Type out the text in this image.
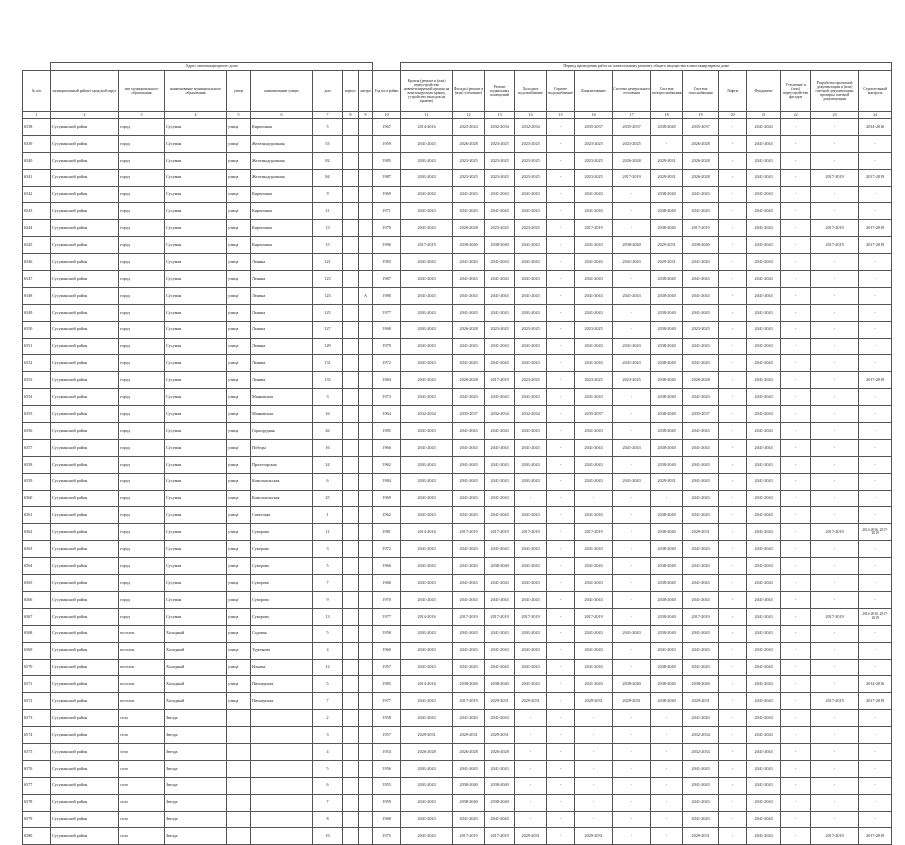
	Адрес многоквартирного дома									Период проведения работ по капитальному ремонту общего имущества в многоквартирном доме													
№ п/п	муниципальный район/городской округ	тип муниципального образования	наименование муниципального образования	улица	наименование улицы	дом	корпус	литера	Год постройки	Кровля (ремонт и (или) переустройство невентилируемой крыши на вентилируемую крышу, устройство выходов на кровлю)	Фасады (ремонт и (или) утепление)	Ремонт подвальных помещений	Холодное водоснабжение	Горячее водоснабжение	Канализование	Система центрального отопления	Система электроснабжения	Система газоснабжения	Лифты	Фундамент	Утепление и (или) переустройство фасадов	Разработка проектной документации и (или) сметной документации, проверка сметной документации	Строительный контроль
1	2	3	4	5	6	7	8	9	10	11	12	13	14	15	16	17	18	19	20	21	22	23	24
6538	Сусуманский район	город	Сусуман	улица	Кирпичная	5			1967	2014-2016	2023-2024	2032-2034	2032-2034	-	2035-2037	2035-2037	2038-2040	2035-2037	-	2041-2043	-	-	2014-2016
6539	Сусуманский район	город	Сусуман	улица	Железнодорожная	53			1959	2041-2043	2026-2028	2023-2025	2023-2025	-	2023-2025	2023-2025	-	2026-2028	-	2041-2043	-	-	-
6540	Сусуманский район	город	Сусуман	улица	Железнодорожная	82			1985	2041-2043	2023-2025	2023-2025	2023-2025	-	2023-2025	2026-2028	2029-2031	2026-2028	-	2041-2043	-	-	-
6541	Сусуманский район	город	Сусуман	улица	Железнодорожная	84			1987	2041-2043	2023-2025	2023-2025	2023-2025	-	2023-2025	2017-2019	2029-2031	2026-2028	-	2041-2043	-	2017-2019	2017-2019
6542	Сусуманский район	город	Сусуман	улица	Кирпичная	9			1969	2041-2042	2041-2043	2041-2043	2041-2043	-	2041-2043	-	2038-2040	2041-2043	-	2041-2043	-	-	-
6543	Сусуманский район	город	Сусуман	улица	Кирпичная	11			1971	2041-2043	2041-2043	2041-2043	2041-2043	-	2041-2043	-	2038-2040	2041-2043	-	2041-2043	-	-	-
6544	Сусуманский район	город	Сусуман	улица	Кирпичная	13			1970	2041-2043	2026-2028	2023-2025	2023-2025	-	2017-2019	-	2038-2040	2017-2019	-	2041-2043	-	2017-2019	2017-2019
6545	Сусуманский район	город	Сусуман	улица	Кирпичная	15			1996	2017-2019	2038-2040	2038-2040	2041-2043	-	2041-2043	2038-2040	2029-2031	2038-2040	-	2041-2043	-	2017-2019	2017-2019
6546	Сусуманский район	город	Сусуман	улица	Ленина	121			1983	2041-2043	2041-2043	2041-2043	2041-2043	-	2041-2043	2041-2043	2029-2031	2041-2043	-	2041-2043	-	-	-
6547	Сусуманский район	город	Сусуман	улица	Ленина	123			1987	2041-2043	2041-2043	2041-2043	2041-2043	-	2041-2043	-	2038-2040	2041-2043	-	2041-2043	-	-	-
6548	Сусуманский район	город	Сусуман	улица	Ленина	123		А	1980	2041-2043	2041-2043	2041-2043	2041-2043	-	2041-2043	2041-2043	2038-2040	2041-2043	-	2041-2043	-	-	-
6549	Сусуманский район	город	Сусуман	улица	Ленина	125			1977	2041-2043	2041-2043	2041-2043	2041-2043	-	2041-2043	-	2038-2040	2041-2043	-	2041-2043	-	-	-
6550	Сусуманский район	город	Сусуман	улица	Ленина	127			1968	2041-2043	2026-2028	2023-2025	2023-2025	-	2023-2025	-	2038-2040	2023-2025	-	2041-2043	-	-	-
6551	Сусуманский район	город	Сусуман	улица	Ленина	129			1979	2041-2043	2041-2043	2041-2043	2041-2043	-	2041-2043	2041-2043	2038-2040	2041-2043	-	2041-2043	-	-	-
6552	Сусуманский район	город	Сусуман	улица	Ленина	131			1972	2041-2043	2041-2043	2041-2043	2041-2043	-	2041-2043	2041-2043	2038-2040	2041-2043	-	2041-2043	-	-	-
6553	Сусуманский район	город	Сусуман	улица	Ленина	133			1984	2041-2043	2026-2028	2017-2019	2023-2025	-	2023-2025	2023-2025	2038-2040	2026-2028	-	2041-2043	-	-	2017-2019
6554	Сусуманский район	город	Сусуман	улица	Маяковская	3			1973	2041-2043	2041-2043	2041-2043	2041-2043	-	2041-2043	-	2038-2040	2041-2043	-	2041-2043	-	-	-
6555	Сусуманский район	город	Сусуман	улица	Маяковская	16			1964	2032-2034	2035-2037	2032-2034	2032-2034	-	2035-2037	-	2038-2040	2035-2037	-	2041-2043	-	-	-
6556	Сусуманский район	город	Сусуман	улица	Горнорудная	26			1985	2041-2043	2041-2043	2041-2043	2041-2043	-	2041-2043	-	2038-2040	2041-2043	-	2041-2043	-	-	-
6557	Сусуманский район	город	Сусуман	улица	Победы	16			1966	2041-2043	2041-2043	2041-2043	2041-2043	-	2041-2043	2041-2043	2038-2040	2041-2043	-	2041-2043	-	-	-
6558	Сусуманский район	город	Сусуман	улица	Пролетарская	24			1962	2041-2043	2041-2043	2041-2043	2041-2043	-	2041-2043	-	2038-2040	2041-2043	-	2041-2043	-	-	-
6559	Сусуманский район	город	Сусуман	улица	Комсомольская	6			1984	2041-2043	2041-2043	2041-2043	2041-2043	-	2041-2043	2041-2043	2029-2031	2041-2043	-	2041-2043	-	-	-
6560	Сусуманский район	город	Сусуман	улица	Комсомольская	25			1969	2041-2043	2041-2043	2041-2043	-	-	-	-	-	2041-2043	-	2041-2043	-	-	-
6561	Сусуманский район	город	Сусуман	улица	Советская	1			1962	2041-2043	2041-2043	2041-2043	2041-2043	-	2041-2043	-	2038-2040	2041-2043	-	2041-2043	-	-	-
6562	Сусуманский район	город	Сусуман	улица	Суворова	11			1981	2014-2016	2017-2019	2017-2019	2017-2019	-	2017-2019	-	2038-2040	2029-2031	-	2041-2043	-	2017-2019	2014-2016, 2017-2019
6563	Сусуманский район	город	Сусуман	улица	Суворова	3			1972	2041-2043	2041-2043	2041-2043	2041-2043	-	2041-2043	-	2038-2040	2041-2043	-	2041-2043	-	-	-
6564	Сусуманский район	город	Сусуман	улица	Суворова	5			1966	2041-2043	2041-2043	2038-2040	2041-2043	-	2041-2043	-	2038-2040	2041-2043	-	2041-2043	-	-	-
6565	Сусуманский район	город	Сусуман	улица	Суворова	7			1966	2041-2043	2041-2043	2041-2043	2041-2043	-	2041-2043	-	2038-2040	2041-2043	-	2041-2043	-	-	-
6566	Сусуманский район	город	Сусуман	улица	Суворова	9			1970	2041-2043	2041-2043	2041-2043	2041-2043	-	2041-2043	-	2038-2040	2041-2043	-	2041-2043	-	-	-
6567	Сусуманский район	город	Сусуман	улица	Суворова	13			1977	2014-2016	2017-2019	2017-2019	2017-2019	-	2017-2019	-	2038-2040	2017-2019	-	2041-2043	-	2017-2019	2014-2016, 2017-2019
6568	Сусуманский район	поселок	Холодный	улица	Садовая	5			1958	2041-2043	2041-2043	2041-2043	2041-2043	-	2041-2043	2041-2043	2038-2040	2041-2043	-	2041-2043	-	-	-
6569	Сусуманский район	поселок	Холодный	улица	Тургенева	4			1960	2041-2043	2041-2043	2041-2043	2041-2043	-	2041-2043	-	2041-2043	2041-2043	-	2041-2043	-	-	-
6570	Сусуманский район	поселок	Холодный	улица	Ильина	12			1957	2041-2043	2041-2043	2041-2043	2041-2043	-	2041-2043	-	2038-2040	2041-2043	-	2041-2043	-	-	-
6571	Сусуманский район	поселок	Холодный	улица	Пионерская	5			1985	2014-2016	2038-2040	2038-2040	2041-2043	-	2041-2043	2038-2040	2038-2040	2038-2040	-	2041-2043	-	-	2014-2016
6572	Сусуманский район	поселок	Холодный	улица	Пионерская	7			1977	2041-2043	2017-2019	2029-2031	2029-2031	-	2029-2031	2029-2031	2038-2040	2029-2031	-	2041-2043	-	2017-2019	2017-2019
6573	Сусуманский район	село	Звезда			2			1958	2041-2043	2041-2043	2041-2043	-	-	-	-	-	2041-2043	-	2041-2043	-	-	-
6574	Сусуманский район	село	Звезда			3			1957	2029-2031	2029-2031	2029-2031	-	-	-	-	-	2032-2034	-	2041-2043	-	-	-
6575	Сусуманский район	село	Звезда			4			1954	2026-2028	2026-2028	2026-2028	-	-	-	-	-	2032-2034	-	2041-2043	-	-	-
6576	Сусуманский район	село	Звезда			5			1956	2041-2043	2041-2043	2041-2043	-	-	-	-	-	2041-2043	-	2041-2043	-	-	-
6577	Сусуманский район	село	Звезда			6			1955	2041-2043	2038-2040	2038-2040	-	-	-	-	-	2041-2043	-	2041-2043	-	-	-
6578	Сусуманский район	село	Звезда			7			1959	2041-2043	2038-2040	2038-2040	-	-	-	-	-	2041-2043	-	2041-2043	-	-	-
6579	Сусуманский район	село	Звезда			8			1968	2041-2043	2041-2043	2041-2043	-	-	-	-	-	2041-2043	-	2041-2043	-	-	-
6580	Сусуманский район	село	Звезда			16			1975	2041-2043	2017-2019	2017-2019	2029-2031	-	2029-2031	-	-	2029-2031	-	2041-2043	-	2017-2019	2017-2019
